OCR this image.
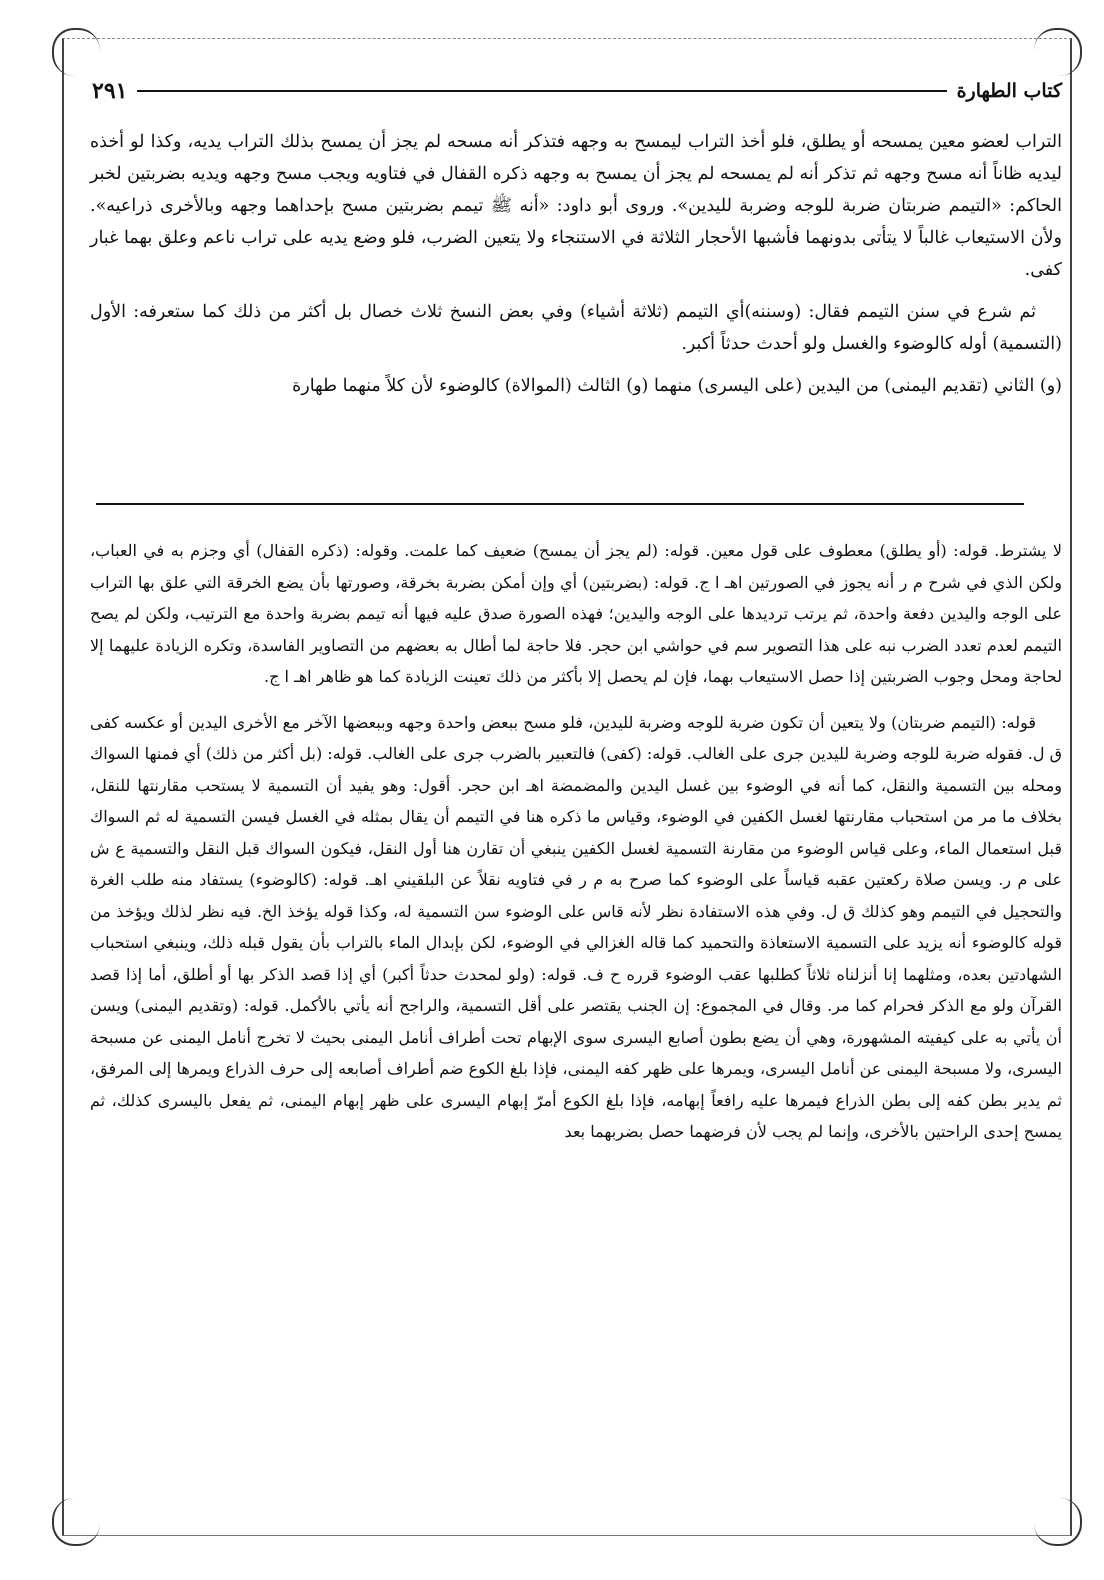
كتاب الطهارة
٢٩١

التراب لعضو معين يمسحه أو يطلق، فلو أخذ التراب ليمسح به وجهه فتذكر أنه مسحه لم يجز أن يمسح بذلك التراب يديه، وكذا لو أخذه ليديه ظاناً أنه مسح وجهه ثم تذكر أنه لم يمسحه لم يجز أن يمسح به وجهه ذكره القفال في فتاويه ويجب مسح وجهه ويديه بضربتين لخبر الحاكم: «التيمم ضربتان ضربة للوجه وضربة لليدين». وروى أبو داود: «أنه ﷺ تيمم بضربتين مسح بإحداهما وجهه وبالأخرى ذراعيه». ولأن الاستيعاب غالباً لا يتأتى بدونهما فأشبها الأحجار الثلاثة في الاستنجاء ولا يتعين الضرب، فلو وضع يديه على تراب ناعم وعلق بهما غبار كفى.

ثم شرع في سنن التيمم فقال: (وسننه)أي التيمم (ثلاثة أشياء) وفي بعض النسخ ثلاث خصال بل أكثر من ذلك كما ستعرفه: الأول (التسمية) أوله كالوضوء والغسل ولو أحدث حدثاً أكبر.

(و) الثاني (تقديم اليمنى) من اليدين (على اليسرى) منهما (و) الثالث (الموالاة) كالوضوء لأن كلاً منهما طهارة

لا يشترط. قوله: (أو يطلق) معطوف على قول معين. قوله: (لم يجز أن يمسح) ضعيف كما علمت. وقوله: (ذكره القفال) أي وجزم به في العباب، ولكن الذي في شرح م ر أنه يجوز في الصورتين اهـ ا ج. قوله: (بضربتين) أي وإن أمكن بضربة بخرقة، وصورتها بأن يضع الخرقة التي علق بها التراب على الوجه واليدين دفعة واحدة، ثم يرتب ترديدها على الوجه واليدين؛ فهذه الصورة صدق عليه فيها أنه تيمم بضربة واحدة مع الترتيب، ولكن لم يصح التيمم لعدم تعدد الضرب نبه على هذا التصوير سم في حواشي ابن حجر. فلا حاجة لما أطال به بعضهم من التصاوير الفاسدة، وتكره الزيادة عليهما إلا لحاجة ومحل وجوب الضربتين إذا حصل الاستيعاب بهما، فإن لم يحصل إلا بأكثر من ذلك تعينت الزيادة كما هو ظاهر اهـ ا ج.

قوله: (التيمم ضربتان) ولا يتعين أن تكون ضربة للوجه وضربة لليدين، فلو مسح ببعض واحدة وجهه وببعضها الآخر مع الأخرى اليدين أو عكسه كفى ق ل. فقوله ضربة للوجه وضربة لليدين جرى على الغالب. قوله: (كفى) فالتعبير بالضرب جرى على الغالب. قوله: (بل أكثر من ذلك) أي فمنها السواك ومحله بين التسمية والنقل، كما أنه في الوضوء بين غسل اليدين والمضمضة اهـ ابن حجر. أقول: وهو يفيد أن التسمية لا يستحب مقارنتها للنقل، بخلاف ما مر من استحباب مقارنتها لغسل الكفين في الوضوء، وقياس ما ذكره هنا في التيمم أن يقال بمثله في الغسل فيسن التسمية له ثم السواك قبل استعمال الماء، وعلى قياس الوضوء من مقارنة التسمية لغسل الكفين ينبغي أن تقارن هنا أول النقل، فيكون السواك قبل النقل والتسمية ع ش على م ر. ويسن صلاة ركعتين عقبه قياساً على الوضوء كما صرح به م ر في فتاويه نقلاً عن البلقيني اهـ. قوله: (كالوضوء) يستفاد منه طلب الغرة والتحجيل في التيمم وهو كذلك ق ل. وفي هذه الاستفادة نظر لأنه قاس على الوضوء سن التسمية له، وكذا قوله يؤخذ الخ. فيه نظر لذلك ويؤخذ من قوله كالوضوء أنه يزيد على التسمية الاستعاذة والتحميد كما قاله الغزالي في الوضوء، لكن بإبدال الماء بالتراب بأن يقول قبله ذلك، وينبغي استحباب الشهادتين بعده، ومثلهما إنا أنزلناه ثلاثاً كطلبها عقب الوضوء قرره ح ف. قوله: (ولو لمحدث حدثاً أكبر) أي إذا قصد الذكر بها أو أطلق، أما إذا قصد القرآن ولو مع الذكر فحرام كما مر. وقال في المجموع: إن الجنب يقتصر على أقل التسمية، والراجح أنه يأتي بالأكمل. قوله: (وتقديم اليمنى) ويسن أن يأتي به على كيفيته المشهورة، وهي أن يضع بطون أصابع اليسرى سوى الإبهام تحت أطراف أنامل اليمنى بحيث لا تخرج أنامل اليمنى عن مسبحة اليسرى، ولا مسبحة اليمنى عن أنامل اليسرى، ويمرها على ظهر كفه اليمنى، فإذا بلغ الكوع ضم أطراف أصابعه إلى حرف الذراع ويمرها إلى المرفق، ثم يدير بطن كفه إلى بطن الذراع فيمرها عليه رافعاً إبهامه، فإذا بلغ الكوع أمرّ إبهام اليسرى على ظهر إبهام اليمنى، ثم يفعل باليسرى كذلك، ثم يمسح إحدى الراحتين بالأخرى، وإنما لم يجب لأن فرضهما حصل بضربهما بعد
